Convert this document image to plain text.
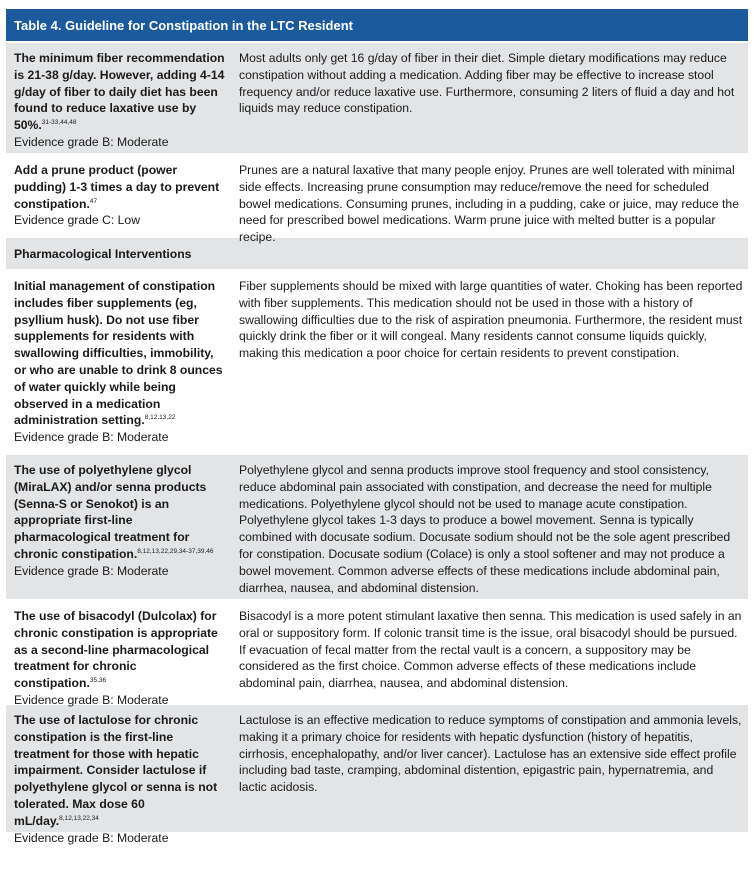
Table 4. Guideline for Constipation in the LTC Resident
The minimum fiber recommendation is 21-38 g/day. However, adding 4-14 g/day of fiber to daily diet has been found to reduce laxative use by 50%.$^{31-33,44,48}$
Evidence grade B: Moderate
Most adults only get 16 g/day of fiber in their diet. Simple dietary modifications may reduce constipation without adding a medication. Adding fiber may be effective to increase stool frequency and/or reduce laxative use. Furthermore, consuming 2 liters of fluid a day and hot liquids may reduce constipation.
Add a prune product (power pudding) 1-3 times a day to prevent constipation.$^{47}$
Evidence grade C: Low
Prunes are a natural laxative that many people enjoy. Prunes are well tolerated with minimal side effects. Increasing prune consumption may reduce/remove the need for scheduled bowel medications. Consuming prunes, including in a pudding, cake or juice, may reduce the need for prescribed bowel medications. Warm prune juice with melted butter is a popular recipe.
Pharmacological Interventions
Initial management of constipation includes fiber supplements (eg, psyllium husk). Do not use fiber supplements for residents with swallowing difficulties, immobility, or who are unable to drink 8 ounces of water quickly while being observed in a medication administration setting.$^{8,12,13,22}$
Evidence grade B: Moderate
Fiber supplements should be mixed with large quantities of water. Choking has been reported with fiber supplements. This medication should not be used in those with a history of swallowing difficulties due to the risk of aspiration pneumonia. Furthermore, the resident must quickly drink the fiber or it will congeal. Many residents cannot consume liquids quickly, making this medication a poor choice for certain residents to prevent constipation.
The use of polyethylene glycol (MiraLAX) and/or senna products (Senna-S or Senokot) is an appropriate first-line pharmacological treatment for chronic constipation.$^{8,12,13,22,29,34-37,39,46}$
Evidence grade B: Moderate
Polyethylene glycol and senna products improve stool frequency and stool consistency, reduce abdominal pain associated with constipation, and decrease the need for multiple medications. Polyethylene glycol should not be used to manage acute constipation. Polyethylene glycol takes 1-3 days to produce a bowel movement. Senna is typically combined with docusate sodium. Docusate sodium should not be the sole agent prescribed for constipation. Docusate sodium (Colace) is only a stool softener and may not produce a bowel movement. Common adverse effects of these medications include abdominal pain, diarrhea, nausea, and abdominal distension.
The use of bisacodyl (Dulcolax) for chronic constipation is appropriate as a second-line pharmacological treatment for chronic constipation.$^{35,36}$
Evidence grade B: Moderate
Bisacodyl is a more potent stimulant laxative then senna. This medication is used safely in an oral or suppository form. If colonic transit time is the issue, oral bisacodyl should be pursued. If evacuation of fecal matter from the rectal vault is a concern, a suppository may be considered as the first choice. Common adverse effects of these medications include abdominal pain, diarrhea, nausea, and abdominal distension.
The use of lactulose for chronic constipation is the first-line treatment for those with hepatic impairment. Consider lactulose if polyethylene glycol or senna is not tolerated. Max dose 60 mL/day.$^{8,12,13,22,34}$
Evidence grade B: Moderate
Lactulose is an effective medication to reduce symptoms of constipation and ammonia levels, making it a primary choice for residents with hepatic dysfunction (history of hepatitis, cirrhosis, encephalopathy, and/or liver cancer). Lactulose has an extensive side effect profile including bad taste, cramping, abdominal distention, epigastric pain, hypernatremia, and lactic acidosis.
